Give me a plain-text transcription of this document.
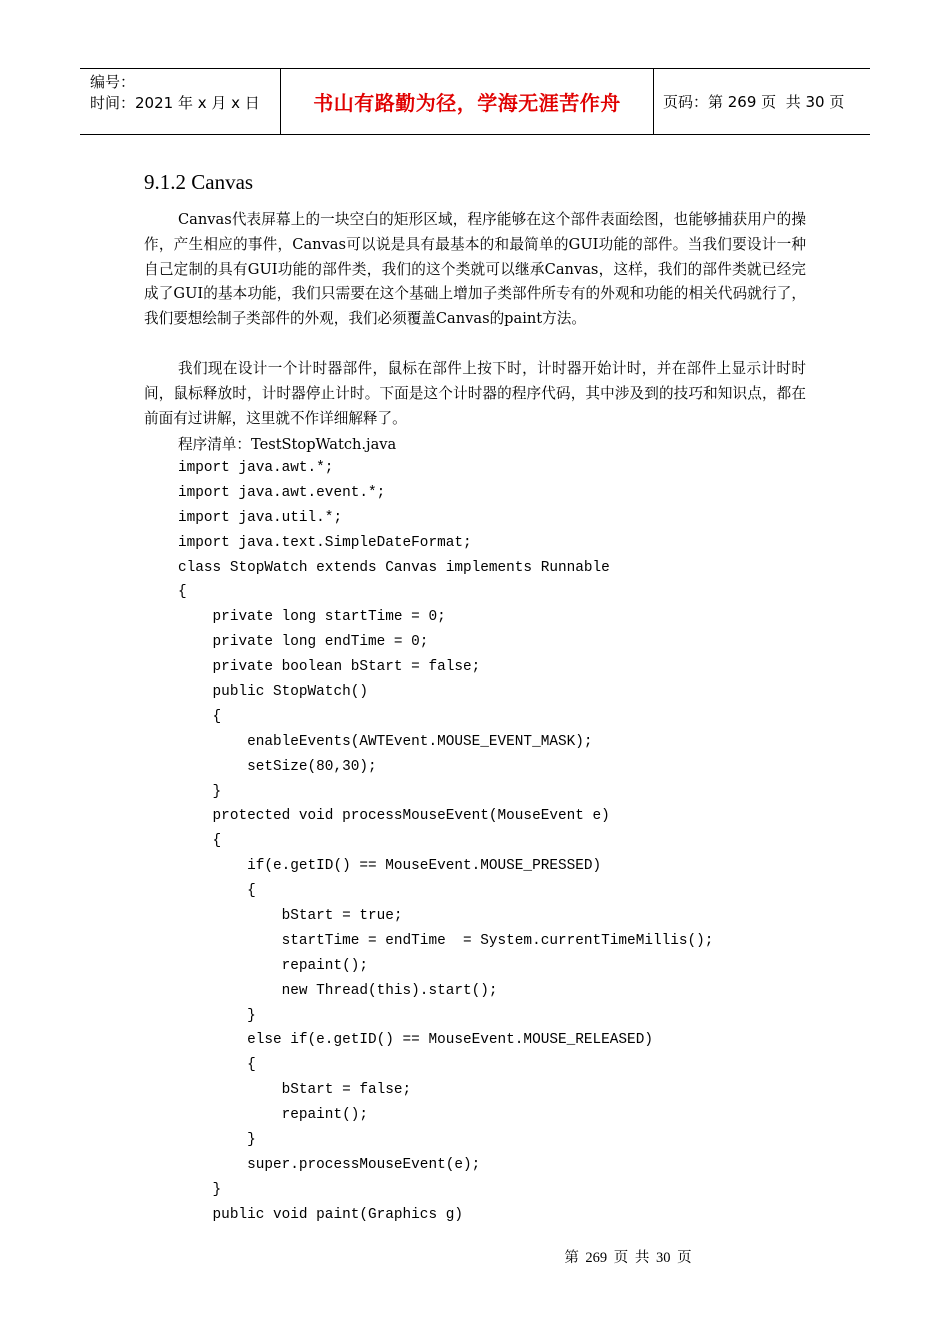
编号：
时间：2021 年 x 月 x 日	书山有路勤为径，学海无涯苦作舟	页码：第 269 页  共 30 页
9.1.2 Canvas

Canvas代表屏幕上的一块空白的矩形区域，程序能够在这个部件表面绘图，也能够捕获用户的操作，产生相应的事件，Canvas可以说是具有最基本的和最简单的GUI功能的部件。当我们要设计一种自己定制的具有GUI功能的部件类，我们的这个类就可以继承Canvas，这样，我们的部件类就已经完成了GUI的基本功能，我们只需要在这个基础上增加子类部件所专有的外观和功能的相关代码就行了，我们要想绘制子类部件的外观，我们必须覆盖Canvas的paint方法。

我们现在设计一个计时器部件，鼠标在部件上按下时，计时器开始计时，并在部件上显示计时时间，鼠标释放时，计时器停止计时。下面是这个计时器的程序代码，其中涉及到的技巧和知识点，都在前面有过讲解，这里就不作详细解释了。

程序清单：TestStopWatch.java
import java.awt.*;
import java.awt.event.*;
import java.util.*;
import java.text.SimpleDateFormat;
class StopWatch extends Canvas implements Runnable
{
private long startTime = 0;
private long endTime = 0;
private boolean bStart = false;
public StopWatch()
{
enableEvents(AWTEvent.MOUSE_EVENT_MASK);
setSize(80,30);
}
protected void processMouseEvent(MouseEvent e)
{
if(e.getID() == MouseEvent.MOUSE_PRESSED)
{
bStart = true;
startTime = endTime  = System.currentTimeMillis();
repaint();
new Thread(this).start();
}
else if(e.getID() == MouseEvent.MOUSE_RELEASED)
{
bStart = false;
repaint();
}
super.processMouseEvent(e);
}
public void paint(Graphics g)
第 269 页 共 30 页
